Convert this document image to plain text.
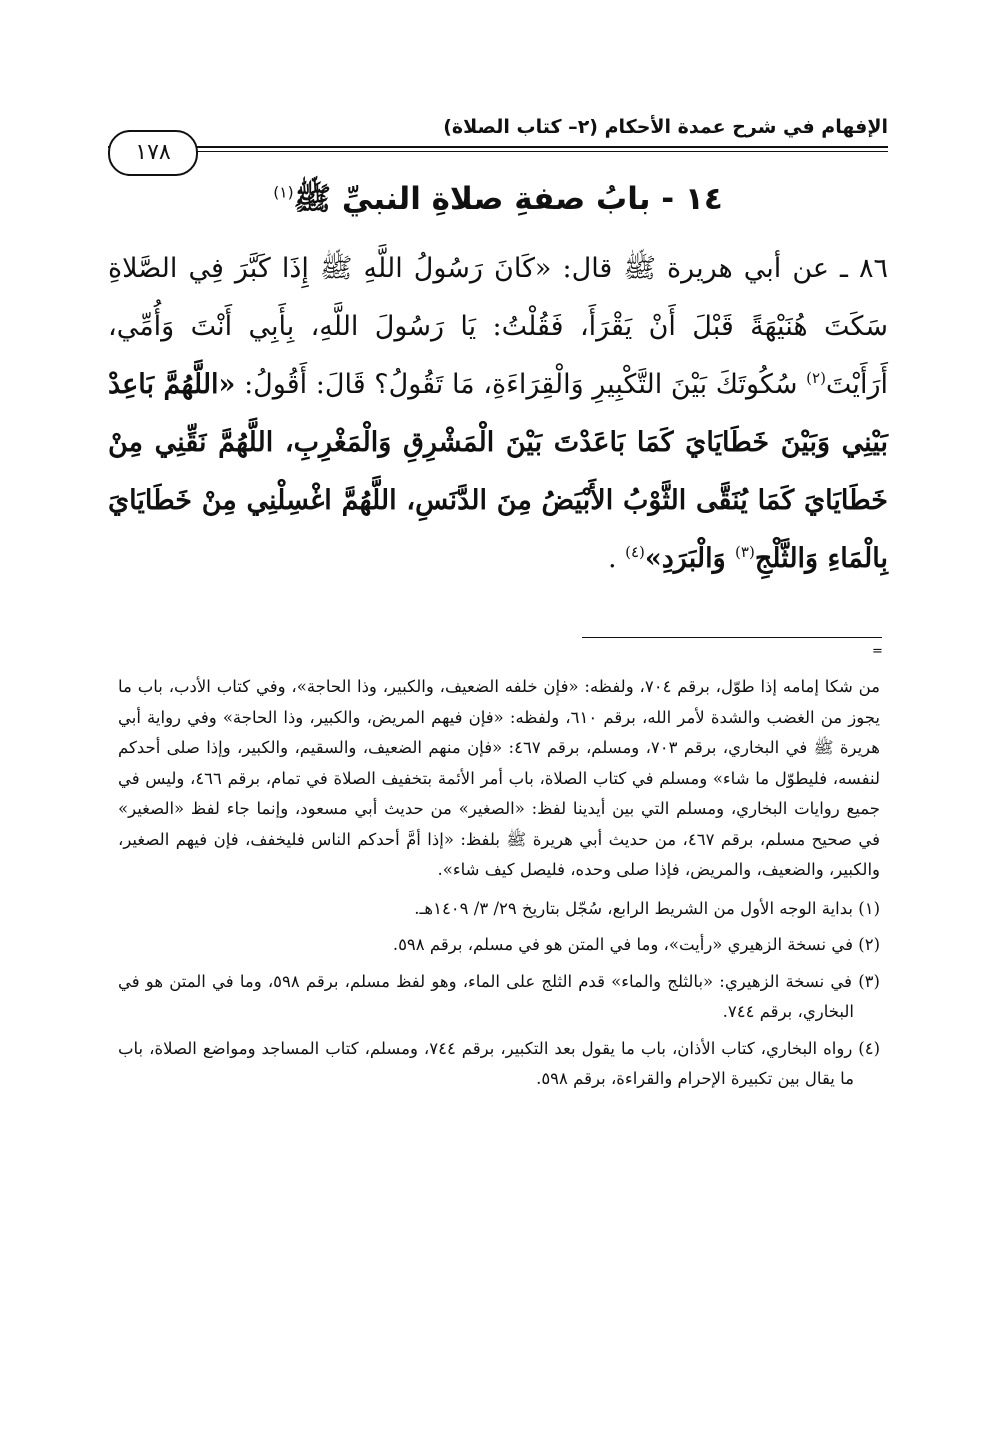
الإفهام في شرح عمدة الأحكام (٢– كتاب الصلاة)
١٧٨
١٤ - بابُ صفةِ صلاةِ النبيِّ ﷺ$^{(١)}$
٨٦ ـ عن أبي هريرة ﷺ قال: «كَانَ رَسُولُ اللَّهِ ﷺ إِذَا كَبَّرَ فِي الصَّلاةِ سَكَتَ هُنَيْهَةً قَبْلَ أَنْ يَقْرَأَ، فَقُلْتُ: يَا رَسُولَ اللَّهِ، بِأَبِي أَنْتَ وَأُمِّي، أَرَأَيْتَ$^{(٢)}$ سُكُوتَكَ بَيْنَ التَّكْبِيرِ وَالْقِرَاءَةِ، مَا تَقُولُ؟ قَالَ: أَقُولُ: «اللَّهُمَّ بَاعِدْ بَيْنِي وَبَيْنَ خَطَايَايَ كَمَا بَاعَدْتَ بَيْنَ الْمَشْرِقِ وَالْمَغْرِبِ، اللَّهُمَّ نَقِّنِي مِنْ خَطَايَايَ كَمَا يُنَقَّى الثَّوْبُ الأَبْيَضُ مِنَ الدَّنَسِ، اللَّهُمَّ اغْسِلْنِي مِنْ خَطَايَايَ بِالْمَاءِ وَالثَّلْجِ$^{(٣)}$ وَالْبَرَدِ»$^{(٤)}$ .
=

من شكا إمامه إذا طوّل، برقم ٧٠٤، ولفظه: «فإن خلفه الضعيف، والكبير، وذا الحاجة»، وفي كتاب الأدب، باب ما يجوز من الغضب والشدة لأمر الله، برقم ٦١٠، ولفظه: «فإن فيهم المريض، والكبير، وذا الحاجة» وفي رواية أبي هريرة ﷺ في البخاري، برقم ٧٠٣، ومسلم، برقم ٤٦٧: «فإن منهم الضعيف، والسقيم، والكبير، وإذا صلى أحدكم لنفسه، فليطوّل ما شاء» ومسلم في كتاب الصلاة، باب أمر الأئمة بتخفيف الصلاة في تمام، برقم ٤٦٦، وليس في جميع روايات البخاري، ومسلم التي بين أيدينا لفظ: «الصغير» من حديث أبي مسعود، وإنما جاء لفظ «الصغير» في صحيح مسلم، برقم ٤٦٧، من حديث أبي هريرة ﷺ بلفظ: «إذا أمَّ أحدكم الناس فليخفف، فإن فيهم الصغير، والكبير، والضعيف، والمريض، فإذا صلى وحده، فليصل كيف شاء».

(١) بداية الوجه الأول من الشريط الرابع، سُجّل بتاريخ ٢٩/ ٣/ ١٤٠٩هـ.

(٢) في نسخة الزهيري «رأيت»، وما في المتن هو في مسلم، برقم ٥٩٨.

(٣) في نسخة الزهيري: «بالثلج والماء» قدم الثلج على الماء، وهو لفظ مسلم، برقم ٥٩٨، وما في المتن هو في البخاري، برقم ٧٤٤.

(٤) رواه البخاري، كتاب الأذان، باب ما يقول بعد التكبير، برقم ٧٤٤، ومسلم، كتاب المساجد ومواضع الصلاة، باب ما يقال بين تكبيرة الإحرام والقراءة، برقم ٥٩٨.
